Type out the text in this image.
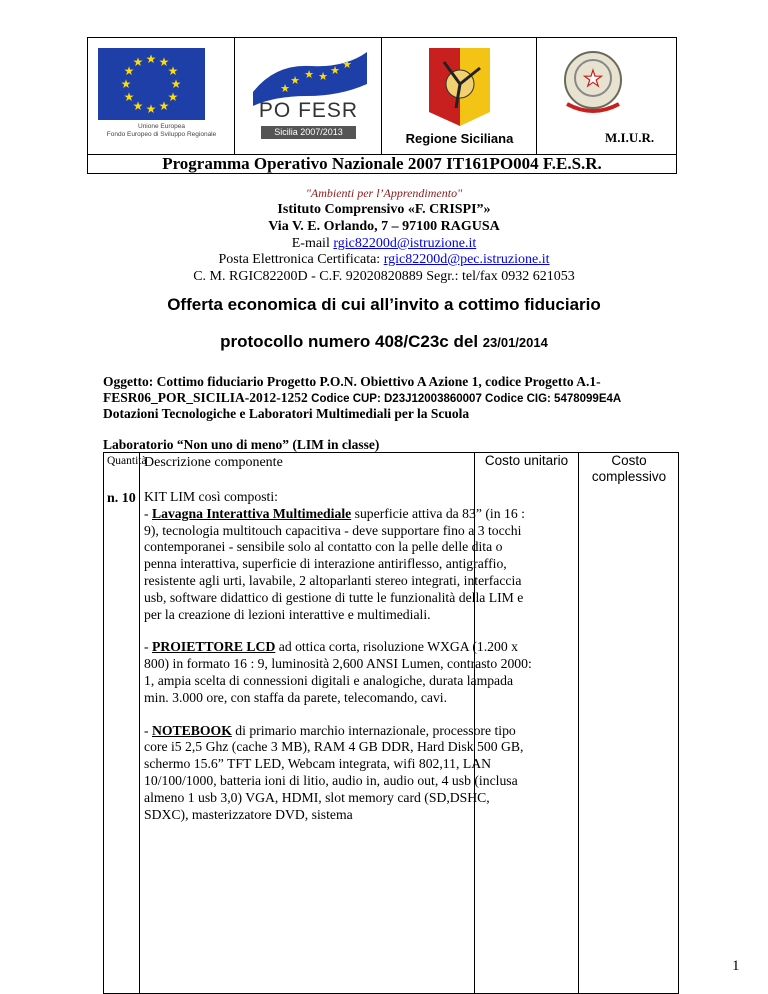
★ ★
★
★
★
★
★
★
★
★
★
★
Unione Europea
Fondo Europeo di Sviluppo Regionale
★ ★ ★ ★ ★
★
PO FESR
Sicilia 2007/2013	Regione Siciliana
★
M.I.U.R.
Programma Operativo Nazionale 2007 IT161PO004 F.E.S.R.
"Ambienti per l’Apprendimento"
Istituto Comprensivo «F. CRISPI”»
Via V. E. Orlando, 7 – 97100 RAGUSA
E-mail rgic82200d@istruzione.it
Posta Elettronica Certificata: rgic82200d@pec.istruzione.it
C. M. RGIC82200D - C.F. 92020820889 Segr.: tel/fax 0932 621053
Offerta economica di cui all’invito a cottimo fiduciario
protocollo numero 408/C23c del 23/01/2014
Oggetto: Cottimo fiduciario Progetto P.O.N. Obiettivo A Azione 1, codice Progetto A.1-
FESR06_POR_SICILIA-2012-1252 Codice CUP: D23J12003860007 Codice CIG: 5478099E4A
Dotazioni Tecnologiche e Laboratori Multimediali per la Scuola
Laboratorio “Non uno di meno” (LIM in classe)
Quantità
Descrizione componente	Costo unitario	Costo complessivo
n. 10 KIT LIM così composti:
- Lavagna Interattiva Multimediale superficie attiva da 83” (in 16 : 9), tecnologia multitouch capacitiva - deve supportare fino a 3 tocchi contemporanei - sensibile solo al contatto con la pelle delle dita o penna interattiva, superficie di interazione antiriflesso, antigraffio, resistente agli urti, lavabile, 2 altoparlanti stereo integrati, interfaccia usb, software didattico di gestione di tutte le funzionalità della LIM e per la creazione di lezioni interattive e multimediali.
- PROIETTORE LCD ad ottica corta, risoluzione WXGA (1.200 x 800) in formato 16 : 9, luminosità 2,600 ANSI Lumen, contrasto 2000: 1, ampia scelta di connessioni digitali e analogiche, durata lampada min. 3.000 ore, con staffa da parete, telecomando, cavi.
- NOTEBOOK di primario marchio internazionale, processore tipo core i5 2,5 Ghz (cache 3 MB), RAM 4 GB DDR, Hard Disk 500 GB, schermo 15.6” TFT LED, Webcam integrata, wifi 802,11, LAN 10/100/1000, batteria ioni di litio, audio in, audio out, 4 usb (inclusa almeno 1 usb 3,0) VGA, HDMI, slot memory card (SD,DSHC, SDXC), masterizzatore DVD, sistema
1
